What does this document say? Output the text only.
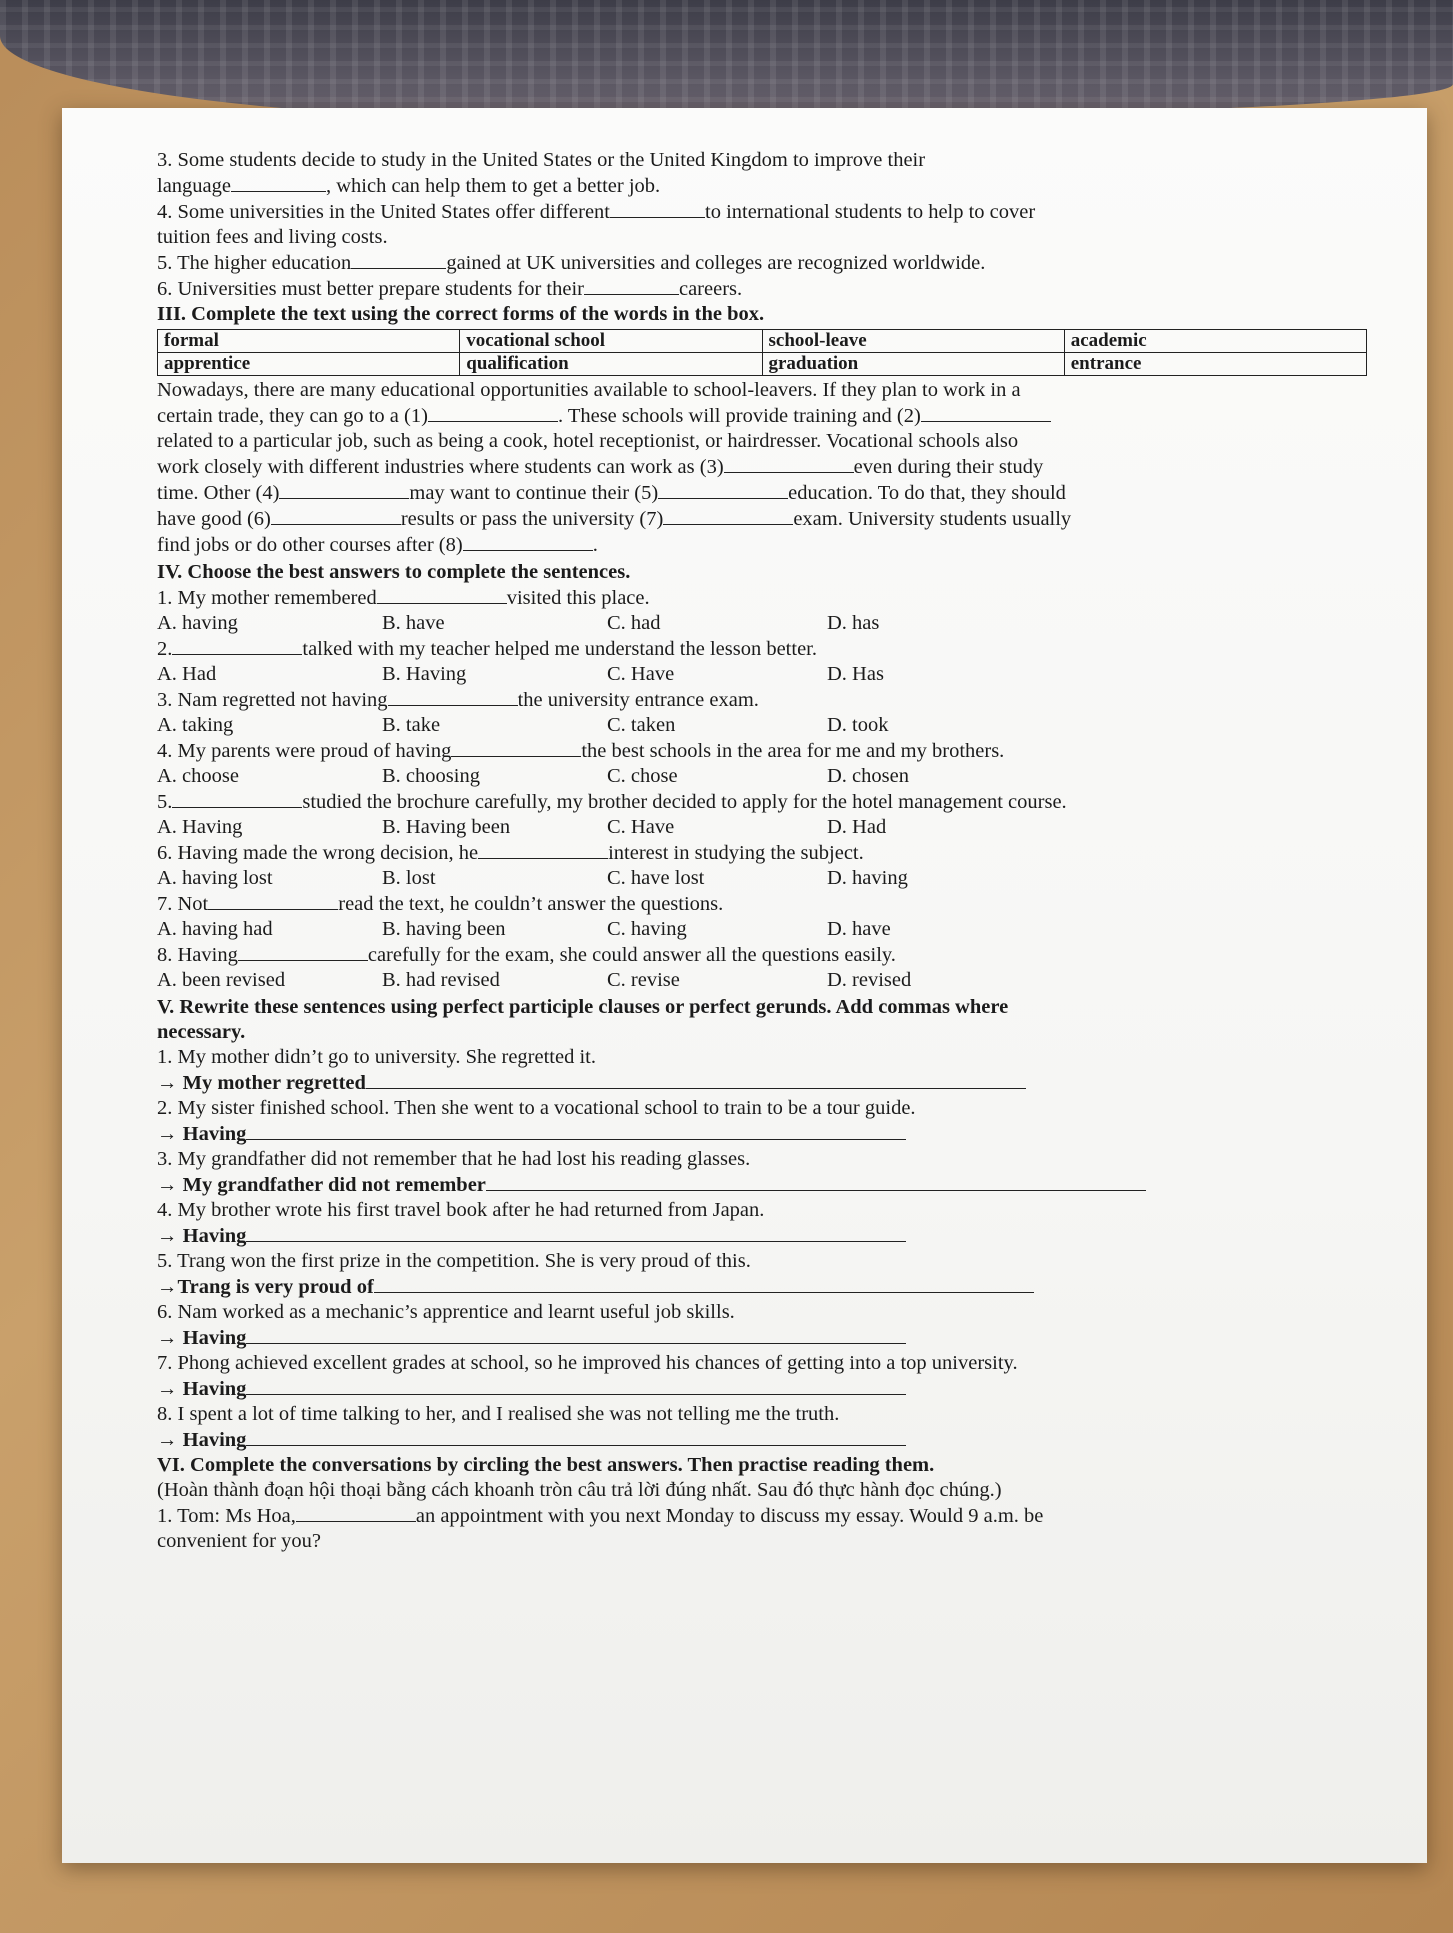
3. Some students decide to study in the United States or the United Kingdom to improve their
language	, which can help them to get a better job.
4. Some universities in the United States offer different	to international students to help to cover
tuition fees and living costs.
5. The higher education	gained at UK universities and colleges are recognized worldwide.
6. Universities must better prepare students for their	careers.
III. Complete the text using the correct forms of the words in the box.
formal	vocational school	school-leave	academic
apprentice	qualification	graduation	entrance
Nowadays, there are many educational opportunities available to school-leavers. If they plan to work in a
certain trade, they can go to a (1)	. These schools will provide training and (2)
related to a particular job, such as being a cook, hotel receptionist, or hairdresser. Vocational schools also
work closely with different industries where students can work as (3)	even during their study
time. Other (4)	may want to continue their (5)	education. To do that, they should
have good (6)	results or pass the university (7)	exam. University students usually
find jobs or do other courses after (8)	.
IV. Choose the best answers to complete the sentences.
1. My mother remembered	visited this place.
A. having	B. have	C. had	D. has
2.	talked with my teacher helped me understand the lesson better.
A. Had	B. Having	C. Have	D. Has
3. Nam regretted not having	the university entrance exam.
A. taking	B. take	C. taken	D. took
4. My parents were proud of having	the best schools in the area for me and my brothers.
A. choose	B. choosing	C. chose	D. chosen
5.	studied the brochure carefully, my brother decided to apply for the hotel management course.
A. Having	B. Having been	C. Have	D. Had
6. Having made the wrong decision, he	interest in studying the subject.
A. having lost	B. lost	C. have lost	D. having
7. Not	read the text, he couldn’t answer the questions.
A. having had	B. having been	C. having	D. have
8. Having	carefully for the exam, she could answer all the questions easily.
A. been revised	B. had revised	C. revise	D. revised
V. Rewrite these sentences using perfect participle clauses or perfect gerunds. Add commas where
necessary.
1. My mother didn’t go to university. She regretted it.
→ My mother regretted
2. My sister finished school. Then she went to a vocational school to train to be a tour guide.
→ Having
3. My grandfather did not remember that he had lost his reading glasses.
→ My grandfather did not remember
4. My brother wrote his first travel book after he had returned from Japan.
→ Having
5. Trang won the first prize in the competition. She is very proud of this.
→Trang is very proud of
6. Nam worked as a mechanic’s apprentice and learnt useful job skills.
→ Having
7. Phong achieved excellent grades at school, so he improved his chances of getting into a top university.
→ Having
8. I spent a lot of time talking to her, and I realised she was not telling me the truth.
→ Having
VI. Complete the conversations by circling the best answers. Then practise reading them.
(Hoàn thành đoạn hội thoại bằng cách khoanh tròn câu trả lời đúng nhất. Sau đó thực hành đọc chúng.)
1. Tom: Ms Hoa,	an appointment with you next Monday to discuss my essay. Would 9 a.m. be
convenient for you?
